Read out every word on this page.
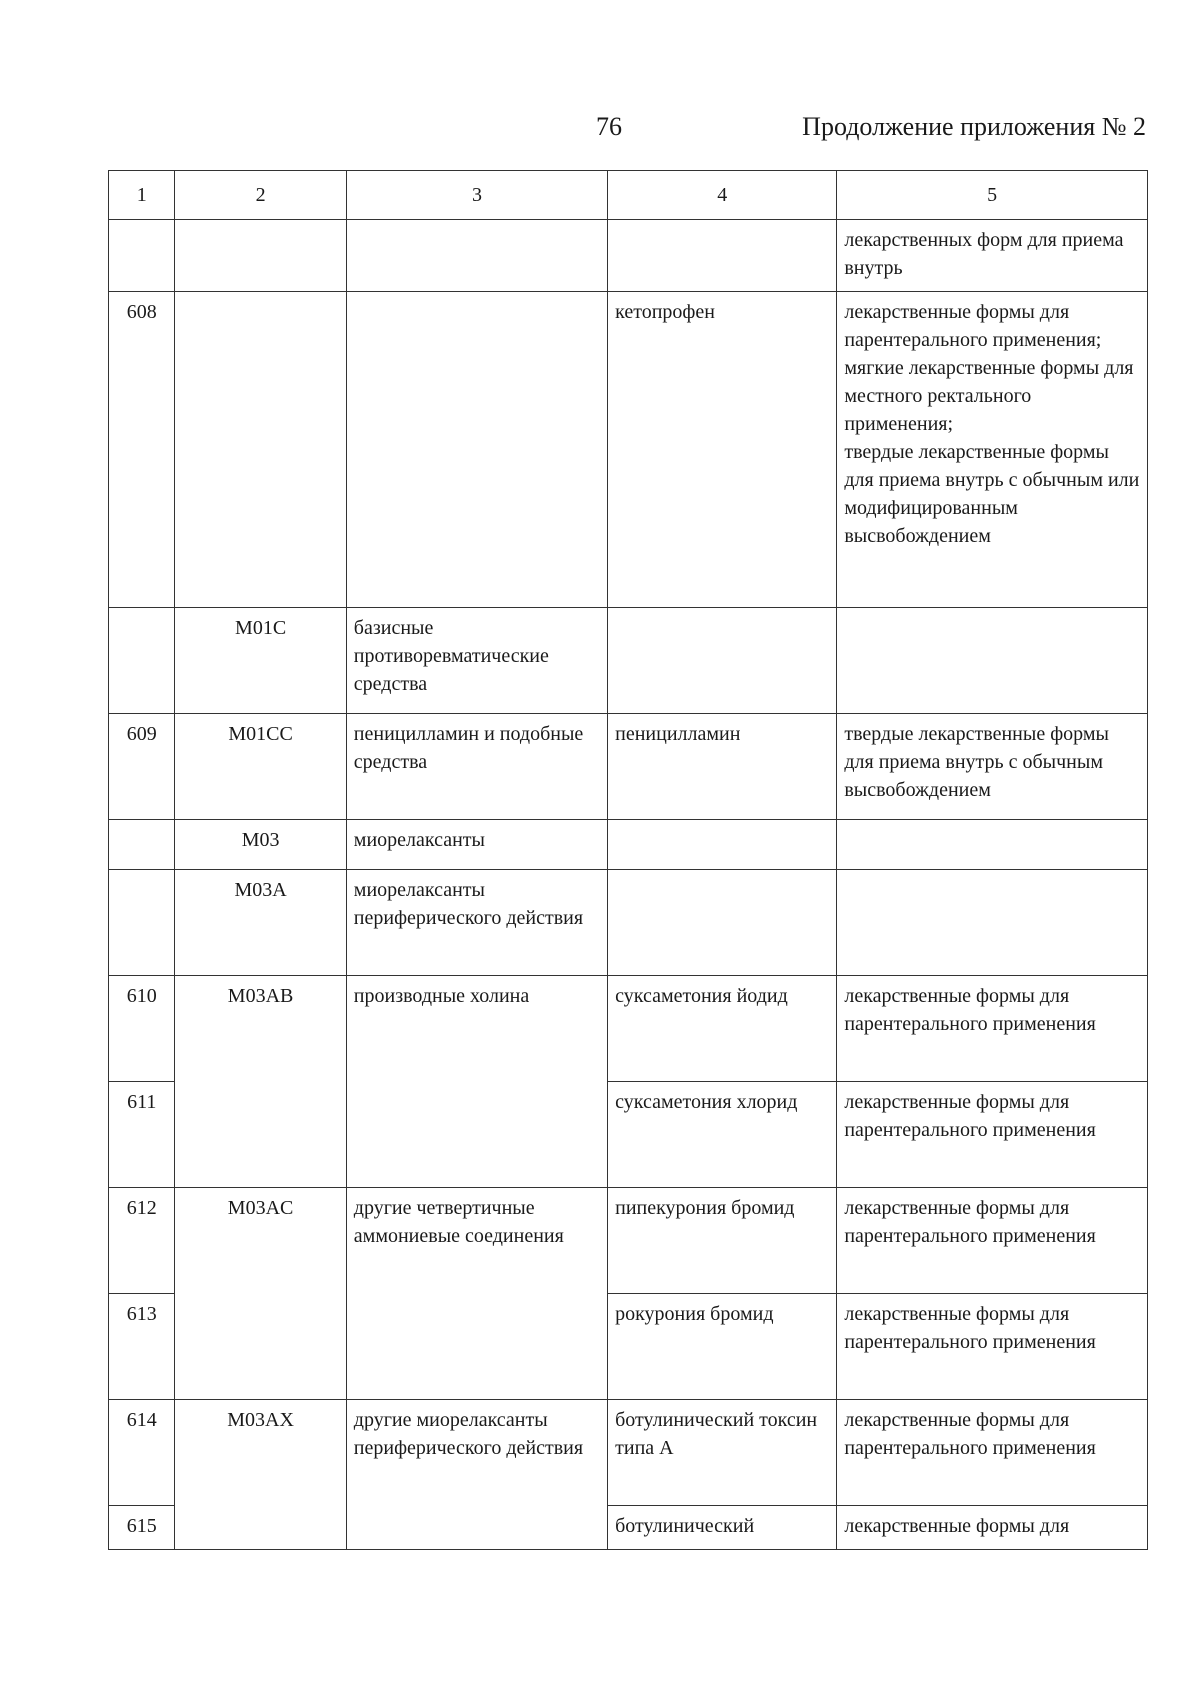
76	Продолжение приложения № 2
1	2	3	4	5
				лекарственных форм для приема внутрь
608			кетопрофен	лекарственные формы для парентерального применения;
мягкие лекарственные формы для местного ректального применения;
твердые лекарственные формы для приема внутрь с обычным или модифицированным высвобождением
	M01C	базисные противоревматические средства		
609	M01CC	пеницилламин и подобные средства	пеницилламин	твердые лекарственные формы для приема внутрь с обычным высвобождением
	M03	миорелаксанты		
	M03A	миорелаксанты периферического действия		
610	M03AB	производные холина	суксаметония йодид	лекарственные формы для парентерального применения
611			суксаметония хлорид	лекарственные формы для парентерального применения
612	M03AC	другие четвертичные аммониевые соединения	пипекурония бромид	лекарственные формы для парентерального применения
613			рокурония бромид	лекарственные формы для парентерального применения
614	M03AX	другие миорелаксанты периферического действия	ботулинический токсин типа А	лекарственные формы для парентерального применения
615			ботулинический	лекарственные формы для
